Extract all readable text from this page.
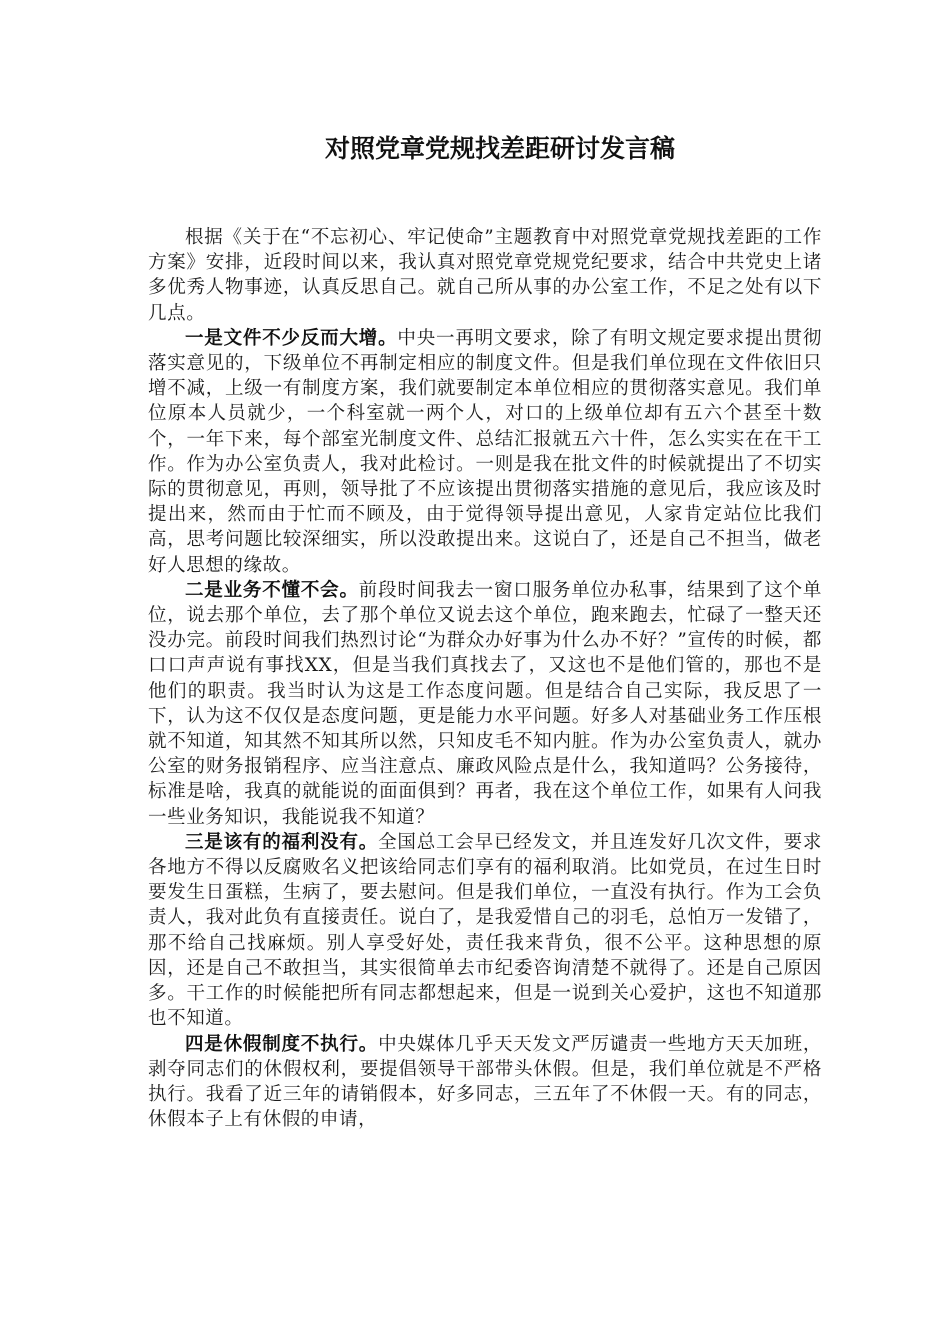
对照党章党规找差距研讨发言稿

根据《关于在“不忘初心、牢记使命”主题教育中对照党章党规找差距的工作方案》安排，近段时间以来，我认真对照党章党规党纪要求，结合中共党史上诸多优秀人物事迹，认真反思自己。就自己所从事的办公室工作，不足之处有以下几点。

一是文件不少反而大增。中央一再明文要求，除了有明文规定要求提出贯彻落实意见的，下级单位不再制定相应的制度文件。但是我们单位现在文件依旧只增不减，上级一有制度方案，我们就要制定本单位相应的贯彻落实意见。我们单位原本人员就少，一个科室就一两个人，对口的上级单位却有五六个甚至十数个，一年下来，每个部室光制度文件、总结汇报就五六十件，怎么实实在在干工作。作为办公室负责人，我对此检讨。一则是我在批文件的时候就提出了不切实际的贯彻意见，再则，领导批了不应该提出贯彻落实措施的意见后，我应该及时提出来，然而由于忙而不顾及，由于觉得领导提出意见，人家肯定站位比我们高，思考问题比较深细实，所以没敢提出来。这说白了，还是自己不担当，做老好人思想的缘故。

二是业务不懂不会。前段时间我去一窗口服务单位办私事，结果到了这个单位，说去那个单位，去了那个单位又说去这个单位，跑来跑去，忙碌了一整天还没办完。前段时间我们热烈讨论“为群众办好事为什么办不好？”宣传的时候，都口口声声说有事找XX，但是当我们真找去了，又这也不是他们管的，那也不是他们的职责。我当时认为这是工作态度问题。但是结合自己实际，我反思了一下，认为这不仅仅是态度问题，更是能力水平问题。好多人对基础业务工作压根就不知道，知其然不知其所以然，只知皮毛不知内脏。作为办公室负责人，就办公室的财务报销程序、应当注意点、廉政风险点是什么，我知道吗？公务接待，标准是啥，我真的就能说的面面俱到？再者，我在这个单位工作，如果有人问我一些业务知识，我能说我不知道？

三是该有的福利没有。全国总工会早已经发文，并且连发好几次文件，要求各地方不得以反腐败名义把该给同志们享有的福利取消。比如党员，在过生日时要发生日蛋糕，生病了，要去慰问。但是我们单位，一直没有执行。作为工会负责人，我对此负有直接责任。说白了，是我爱惜自己的羽毛，总怕万一发错了，那不给自己找麻烦。别人享受好处，责任我来背负，很不公平。这种思想的原因，还是自己不敢担当，其实很简单去市纪委咨询清楚不就得了。还是自己原因多。干工作的时候能把所有同志都想起来，但是一说到关心爱护，这也不知道那也不知道。

四是休假制度不执行。中央媒体几乎天天发文严厉谴责一些地方天天加班，剥夺同志们的休假权利，要提倡领导干部带头休假。但是，我们单位就是不严格执行。我看了近三年的请销假本，好多同志，三五年了不休假一天。有的同志，休假本子上有休假的申请，
